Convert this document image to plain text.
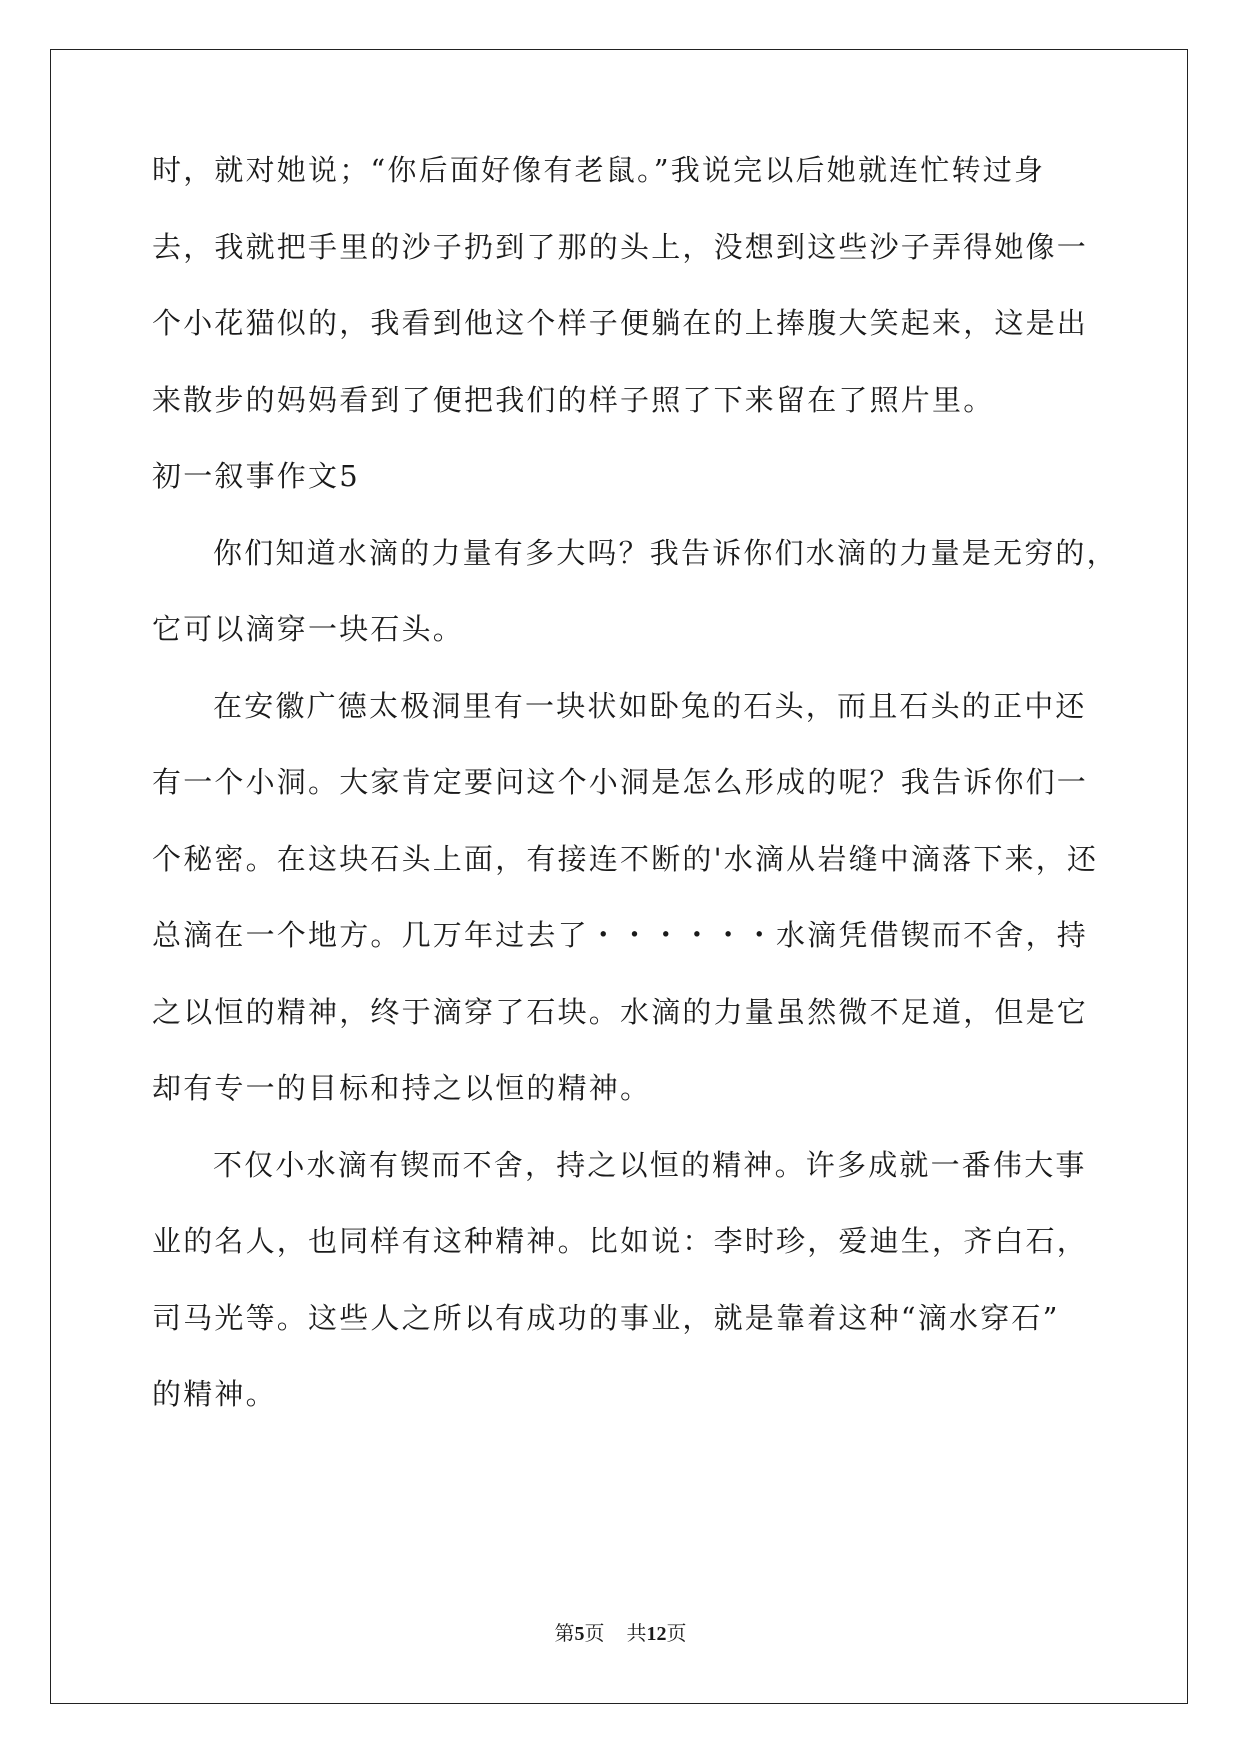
时，就对她说；“你后面好像有老鼠。”我说完以后她就连忙转过身
去，我就把手里的沙子扔到了那的头上，没想到这些沙子弄得她像一
个小花猫似的，我看到他这个样子便躺在的上捧腹大笑起来，这是出
来散步的妈妈看到了便把我们的样子照了下来留在了照片里。
初一叙事作文5
你们知道水滴的力量有多大吗？我告诉你们水滴的力量是无穷的，
它可以滴穿一块石头。
在安徽广德太极洞里有一块状如卧兔的石头，而且石头的正中还
有一个小洞。大家肯定要问这个小洞是怎么形成的呢？我告诉你们一
个秘密。在这块石头上面，有接连不断的'水滴从岩缝中滴落下来，还
总滴在一个地方。几万年过去了・・・・・・水滴凭借锲而不舍，持
之以恒的精神，终于滴穿了石块。水滴的力量虽然微不足道，但是它
却有专一的目标和持之以恒的精神。
不仅小水滴有锲而不舍，持之以恒的精神。许多成就一番伟大事
业的名人，也同样有这种精神。比如说：李时珍，爱迪生，齐白石，
司马光等。这些人之所以有成功的事业，就是靠着这种“滴水穿石”
的精神。
第5页 共12页
